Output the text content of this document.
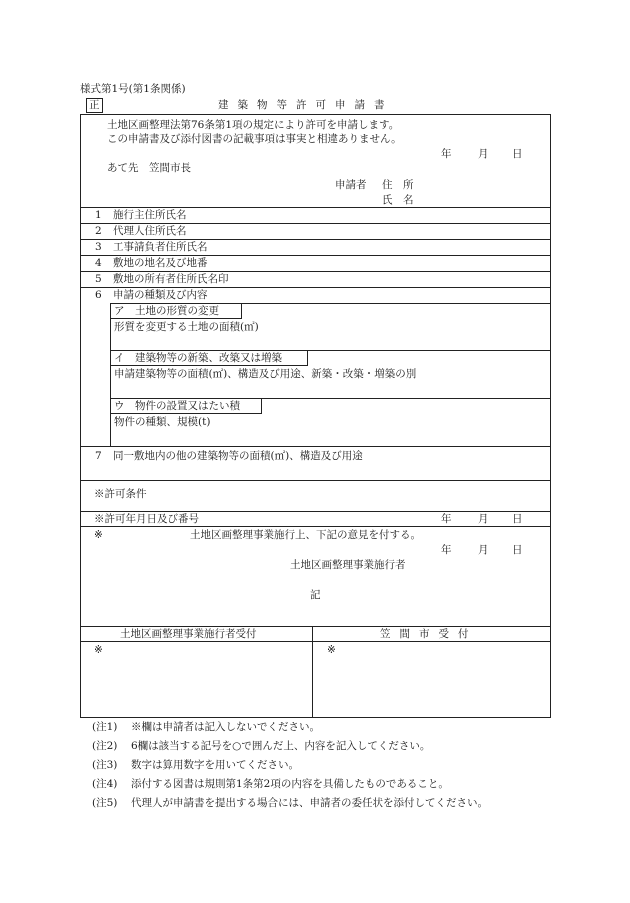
様式第1号(第1条関係)
正	建築物等許可申請書
土地区画整理法第76条第1項の規定により許可を申請します。
この申請書及び添付図書の記載事項は事実と相違ありません。
年	月 日
あて先　笠間市長
申請者 住　所
氏　名
1 施行主住所氏名
2 代理人住所氏名
3 工事請負者住所氏名
4 敷地の地名及び地番
5 敷地の所有者住所氏名印
6 申請の種類及び内容
ア　土地の形質の変更
形質を変更する土地の面積(㎡)
イ　建築物等の新築、改築又は増築
申請建築物等の面積(㎡)、構造及び用途、新築・改築・増築の別
ウ　物件の設置又はたい積
物件の種類、規模(t)
7 同一敷地内の他の建築物等の面積(㎡)、構造及び用途
※許可条件
※許可年月日及び番号	年	月 日
※	土地区画整理事業施行上、下記の意見を付する。
年	月 日
土地区画整理事業施行者
記
土地区画整理事業施行者受付	笠間市受付
※	※
(注1) ※欄は申請者は記入しないでください。
(注2) 6欄は該当する記号を○で囲んだ上、内容を記入してください。
(注3) 数字は算用数字を用いてください。
(注4) 添付する図書は規則第1条第2項の内容を具備したものであること。
(注5) 代理人が申請書を提出する場合には、申請者の委任状を添付してください。
